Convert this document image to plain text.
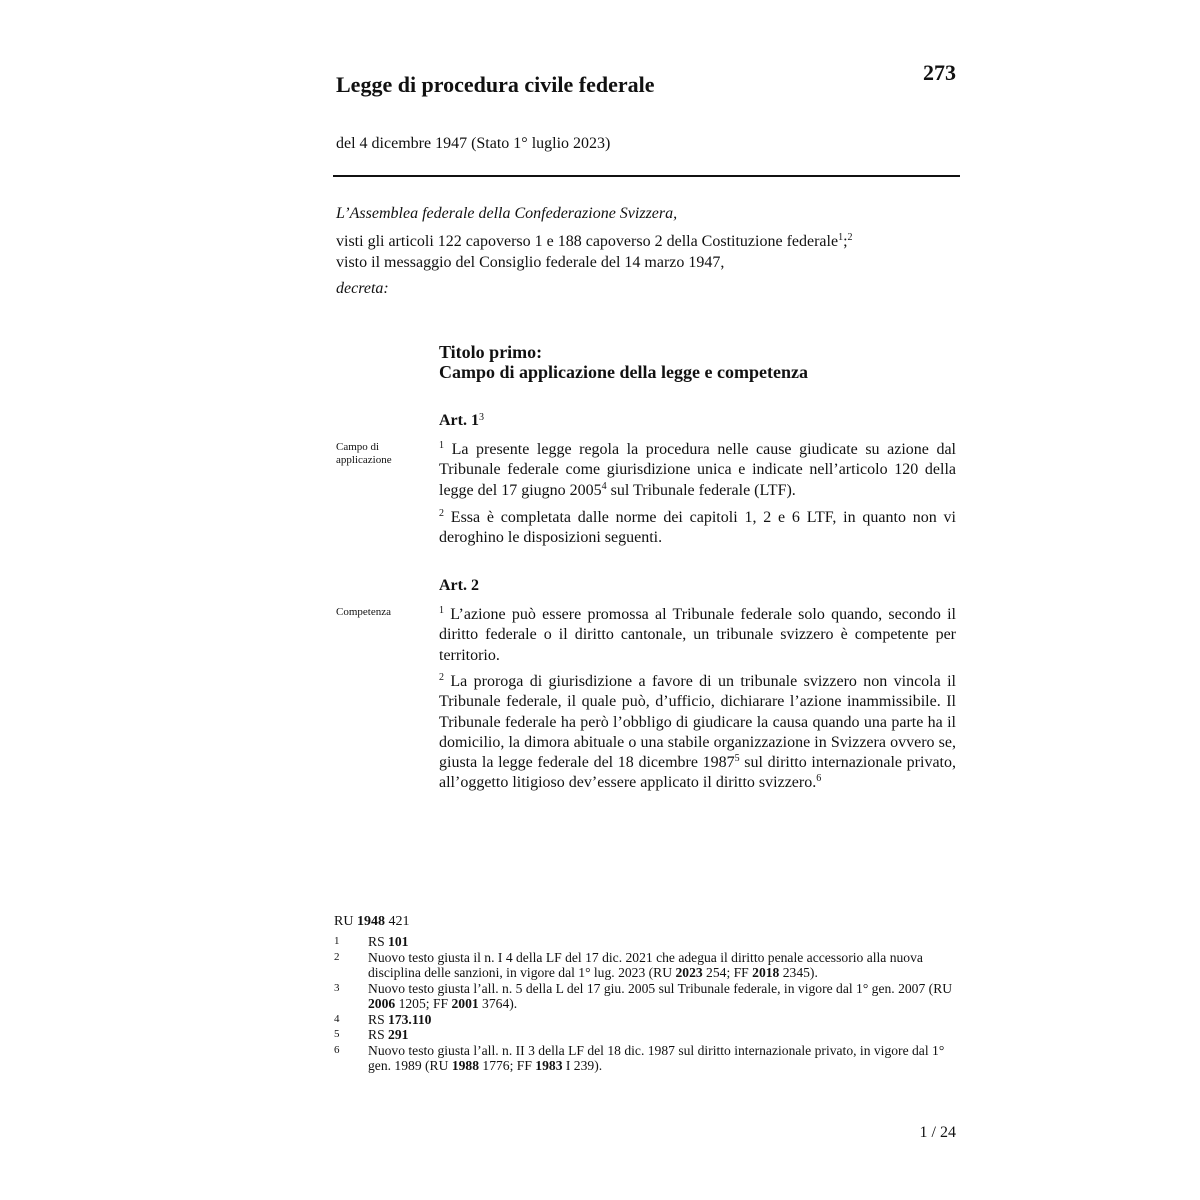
273
Legge di procedura civile federale
del 4 dicembre 1947 (Stato 1° luglio 2023)
L’Assemblea federale della Confederazione Svizzera,
visti gli articoli 122 capoverso 1 e 188 capoverso 2 della Costituzione federale$^1$;$^2$
visto il messaggio del Consiglio federale del 14 marzo 1947,
decreta:
Titolo primo:
Campo di applicazione della legge e competenza
Art. $1^3$
Campo di applicazione
$^1$ La presente legge regola la procedura nelle cause giudicate su azione dal Tribunale federale come giurisdizione unica e indicate nell’articolo 120 della legge del 17 giugno 2005$^4$ sul Tribunale federale (LTF).
$^2$ Essa è completata dalle norme dei capitoli 1, 2 e 6 LTF, in quanto non vi deroghino le disposizioni seguenti.
Art. 2
Competenza	$^1$ L’azione può essere promossa al Tribunale federale solo quando, secondo il diritto federale o il diritto cantonale, un tribunale svizzero è competente per territorio.
$^2$ La proroga di giurisdizione a favore di un tribunale svizzero non vincola il Tribunale federale, il quale può, d’ufficio, dichiarare l’azione inammissibile. Il Tribunale federale ha però l’obbligo di giudicare la causa quando una parte ha il domicilio, la dimora abituale o una stabile organizzazione in Svizzera ovvero se, giusta la legge federale del 18 dicembre 1987$^5$ sul diritto internazionale privato, all’oggetto litigioso dev’essere applicato il diritto svizzero.$^6$
RU 1948 421
1	RS 101
2	Nuovo testo giusta il n. I 4 della LF del 17 dic. 2021 che adegua il diritto penale accessorio alla nuova disciplina delle sanzioni, in vigore dal 1° lug. 2023 (RU 2023 254; FF 2018 2345).
3	Nuovo testo giusta l’all. n. 5 della L del 17 giu. 2005 sul Tribunale federale, in vigore dal 1° gen. 2007 (RU 2006 1205; FF 2001 3764).
4	RS 173.110
5	RS 291
6	Nuovo testo giusta l’all. n. II 3 della LF del 18 dic. 1987 sul diritto internazionale privato, in vigore dal 1° gen. 1989 (RU 1988 1776; FF 1983 I 239).
1 / 24
